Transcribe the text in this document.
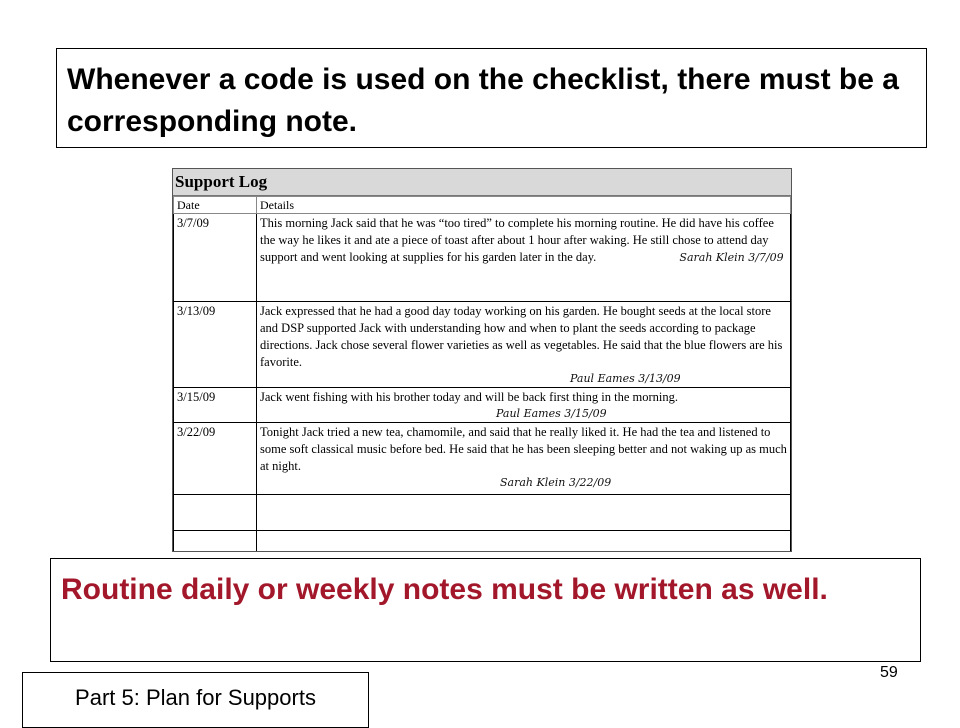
Whenever a code is used on the checklist, there must be a corresponding note.
Support Log
Date	Details
3/7/09	This morning Jack said that he was “too tired” to complete his morning routine. He did have his coffee the way he likes it and ate a piece of toast after about 1 hour after waking. He still chose to attend day support and went looking at supplies for his garden later in the day. Sarah Klein 3/7/09
3/13/09	Jack expressed that he had a good day today working on his garden. He bought seeds at the local store and DSP supported Jack with understanding how and when to plant the seeds according to package directions. Jack chose several flower varieties as well as vegetables. He said that the blue flowers are his favorite.
Paul Eames 3/13/09

3/15/09	Jack went fishing with his brother today and will be back first thing in the morning.
Paul Eames 3/15/09

3/22/09	Tonight Jack tried a new tea, chamomile, and said that he really liked it. He had the tea and listened to some soft classical music before bed. He said that he has been sleeping better and not waking up as much at night.
Sarah Klein 3/22/09

Routine daily or weekly notes must be written as well.
59
Part 5: Plan for Supports
